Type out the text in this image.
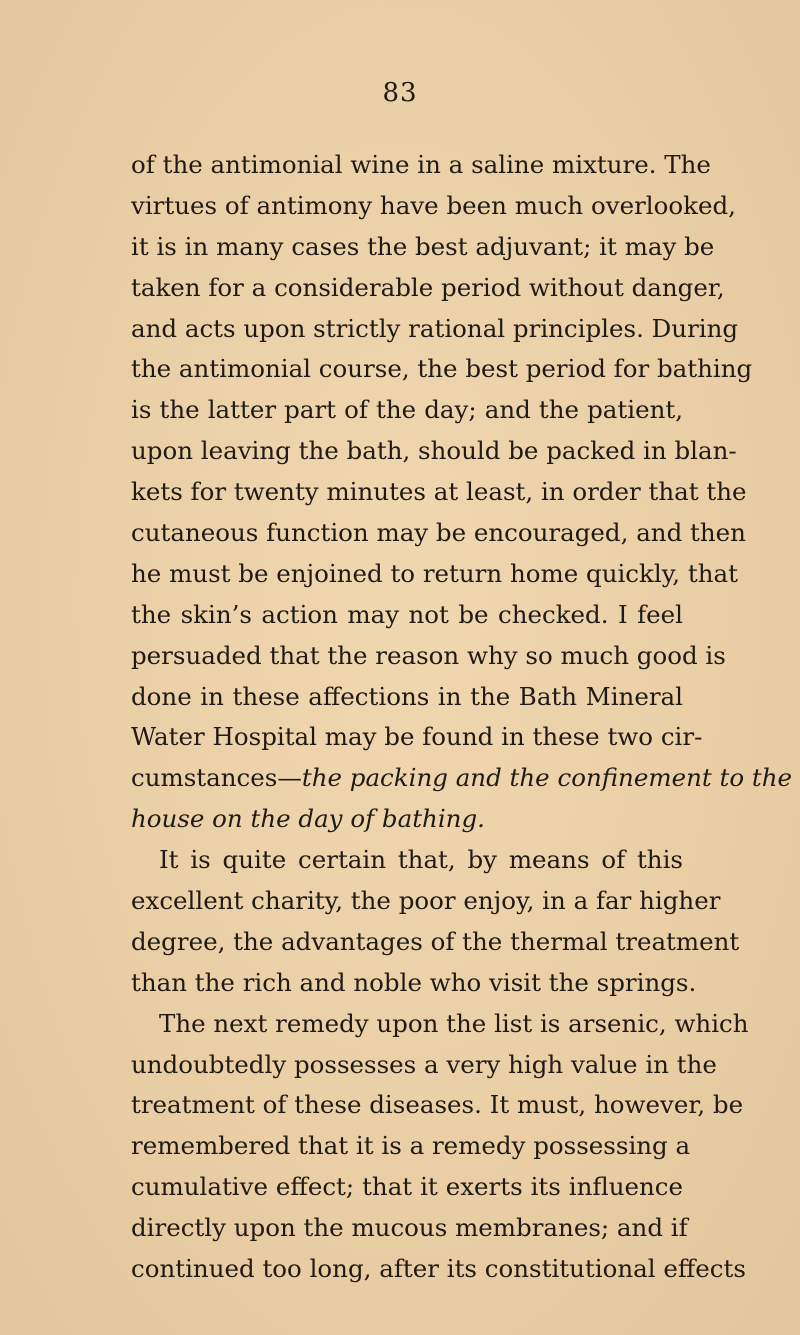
83
of the antimonial wine in a saline mixture. The
virtues of antimony have been much overlooked,
it is in many cases the best adjuvant; it may be
taken for a considerable period without danger,
and acts upon strictly rational principles. During
the antimonial course, the best period for bathing
is the latter part of the day; and the patient,
upon leaving the bath, should be packed in blan-
kets for twenty minutes at least, in order that the
cutaneous function may be encouraged, and then
he must be enjoined to return home quickly, that
the skin’s action may not be checked. I feel
persuaded that the reason why so much good is
done in these affections in the Bath Mineral
Water Hospital may be found in these two cir-
cumstances—the packing and the confinement to the
house on the day of bathing.
It is quite certain that, by means of this
excellent charity, the poor enjoy, in a far higher
degree, the advantages of the thermal treatment
than the rich and noble who visit the springs.
The next remedy upon the list is arsenic, which
undoubtedly possesses a very high value in the
treatment of these diseases. It must, however, be
remembered that it is a remedy possessing a
cumulative effect; that it exerts its influence
directly upon the mucous membranes; and if
continued too long, after its constitutional effects
